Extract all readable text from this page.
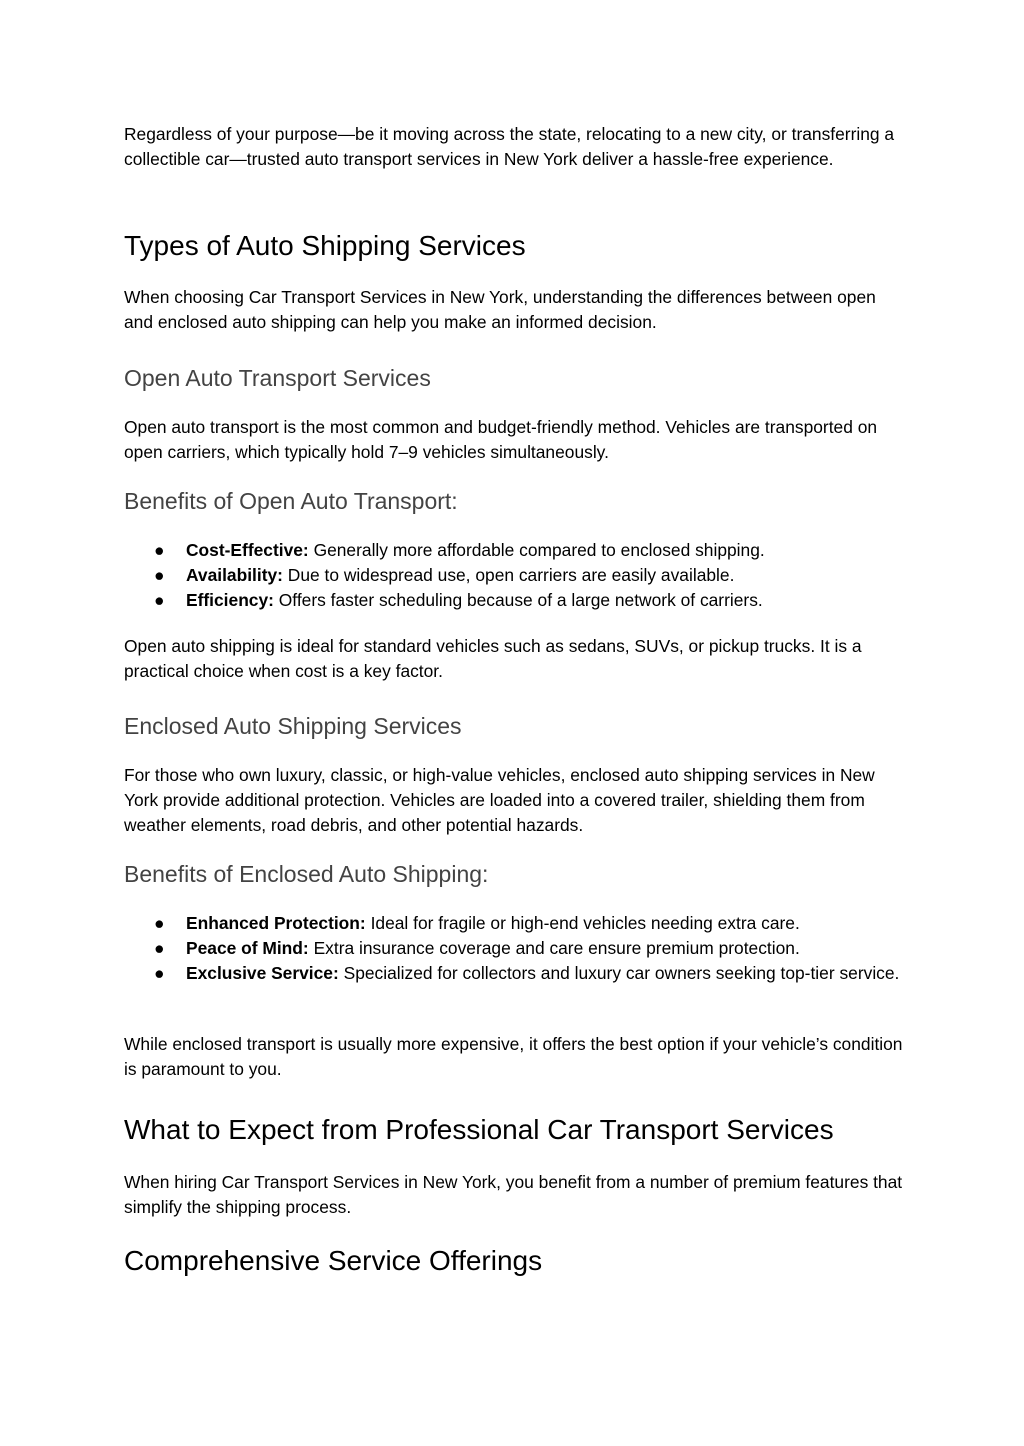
Regardless of your purpose—be it moving across the state, relocating to a new city, or transferring a collectible car—trusted auto transport services in New York deliver a hassle-free experience.

Types of Auto Shipping Services

When choosing Car Transport Services in New York, understanding the differences between open and enclosed auto shipping can help you make an informed decision.

Open Auto Transport Services

Open auto transport is the most common and budget-friendly method. Vehicles are transported on open carriers, which typically hold 7–9 vehicles simultaneously.

Benefits of Open Auto Transport:
● Cost-Effective: Generally more affordable compared to enclosed shipping.
● Availability: Due to widespread use, open carriers are easily available.
● Efficiency: Offers faster scheduling because of a large network of carriers.

Open auto shipping is ideal for standard vehicles such as sedans, SUVs, or pickup trucks. It is a practical choice when cost is a key factor.

Enclosed Auto Shipping Services

For those who own luxury, classic, or high-value vehicles, enclosed auto shipping services in New York provide additional protection. Vehicles are loaded into a covered trailer, shielding them from weather elements, road debris, and other potential hazards.

Benefits of Enclosed Auto Shipping:
● Enhanced Protection: Ideal for fragile or high-end vehicles needing extra care.
● Peace of Mind: Extra insurance coverage and care ensure premium protection.
● Exclusive Service: Specialized for collectors and luxury car owners seeking top-tier service.

While enclosed transport is usually more expensive, it offers the best option if your vehicle’s condition is paramount to you.

What to Expect from Professional Car Transport Services

When hiring Car Transport Services in New York, you benefit from a number of premium features that simplify the shipping process.

Comprehensive Service Offerings
